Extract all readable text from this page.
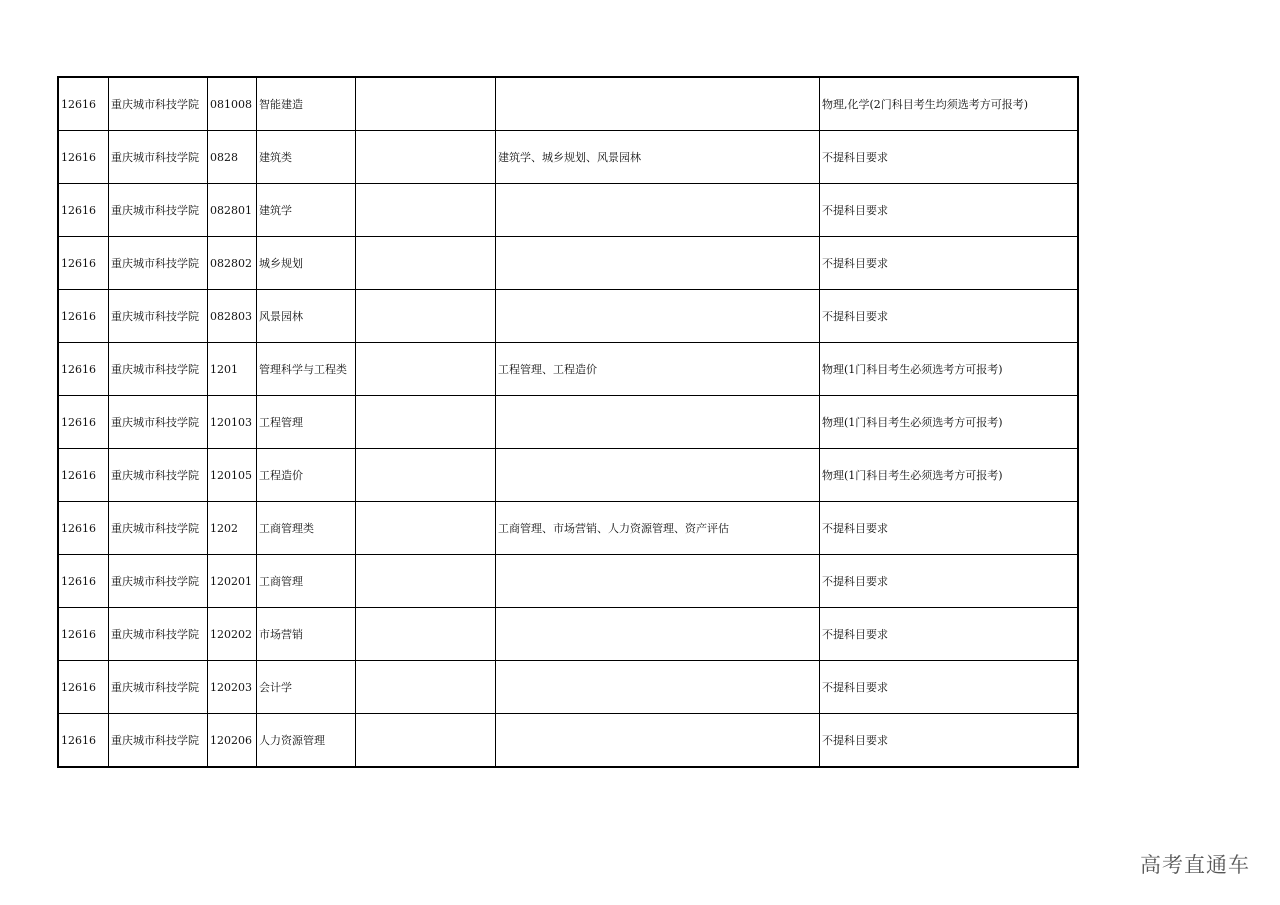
12616	重庆城市科技学院	081008	智能建造			物理,化学(2门科目考生均须选考方可报考)
12616	重庆城市科技学院	0828	建筑类		建筑学、城乡规划、风景园林	不提科目要求
12616	重庆城市科技学院	082801	建筑学			不提科目要求
12616	重庆城市科技学院	082802	城乡规划			不提科目要求
12616	重庆城市科技学院	082803	风景园林			不提科目要求
12616	重庆城市科技学院	1201	管理科学与工程类		工程管理、工程造价	物理(1门科目考生必须选考方可报考)
12616	重庆城市科技学院	120103	工程管理			物理(1门科目考生必须选考方可报考)
12616	重庆城市科技学院	120105	工程造价			物理(1门科目考生必须选考方可报考)
12616	重庆城市科技学院	1202	工商管理类		工商管理、市场营销、人力资源管理、资产评估	不提科目要求
12616	重庆城市科技学院	120201	工商管理			不提科目要求
12616	重庆城市科技学院	120202	市场营销			不提科目要求
12616	重庆城市科技学院	120203	会计学			不提科目要求
12616	重庆城市科技学院	120206	人力资源管理			不提科目要求
高考直通车
